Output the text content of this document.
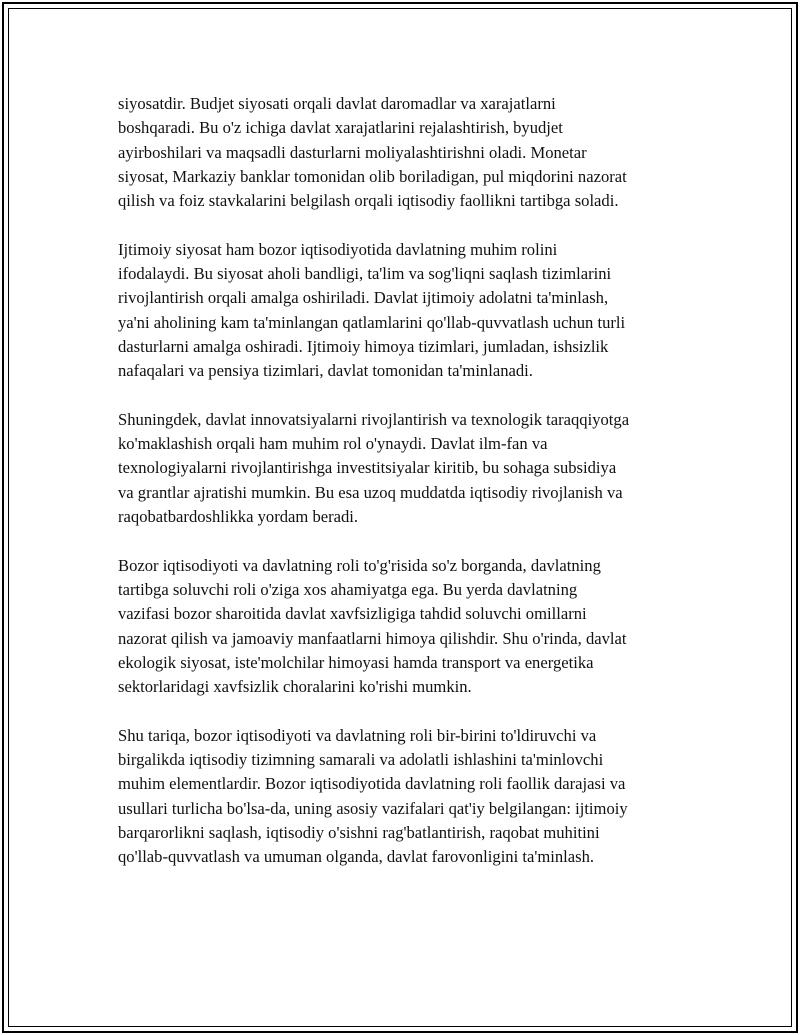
siyosatdir. Budjet siyosati orqali davlat daromadlar va xarajatlarni
boshqaradi. Bu o'z ichiga davlat xarajatlarini rejalashtirish, byudjet
ayirboshilari va maqsadli dasturlarni moliyalashtirishni oladi. Monetar
siyosat, Markaziy banklar tomonidan olib boriladigan, pul miqdorini nazorat
qilish va foiz stavkalarini belgilash orqali iqtisodiy faollikni tartibga soladi.

Ijtimoiy siyosat ham bozor iqtisodiyotida davlatning muhim rolini
ifodalaydi. Bu siyosat aholi bandligi, ta'lim va sog'liqni saqlash tizimlarini
rivojlantirish orqali amalga oshiriladi. Davlat ijtimoiy adolatni ta'minlash,
ya'ni aholining kam ta'minlangan qatlamlarini qo'llab-quvvatlash uchun turli
dasturlarni amalga oshiradi. Ijtimoiy himoya tizimlari, jumladan, ishsizlik
nafaqalari va pensiya tizimlari, davlat tomonidan ta'minlanadi.

Shuningdek, davlat innovatsiyalarni rivojlantirish va texnologik taraqqiyotga
ko'maklashish orqali ham muhim rol o'ynaydi. Davlat ilm-fan va
texnologiyalarni rivojlantirishga investitsiyalar kiritib, bu sohaga subsidiya
va grantlar ajratishi mumkin. Bu esa uzoq muddatda iqtisodiy rivojlanish va
raqobatbardoshlikka yordam beradi.

Bozor iqtisodiyoti va davlatning roli to'g'risida so'z borganda, davlatning
tartibga soluvchi roli o'ziga xos ahamiyatga ega. Bu yerda davlatning
vazifasi bozor sharoitida davlat xavfsizligiga tahdid soluvchi omillarni
nazorat qilish va jamoaviy manfaatlarni himoya qilishdir. Shu o'rinda, davlat
ekologik siyosat, iste'molchilar himoyasi hamda transport va energetika
sektorlaridagi xavfsizlik choralarini ko'rishi mumkin.

Shu tariqa, bozor iqtisodiyoti va davlatning roli bir-birini to'ldiruvchi va
birgalikda iqtisodiy tizimning samarali va adolatli ishlashini ta'minlovchi
muhim elementlardir. Bozor iqtisodiyotida davlatning roli faollik darajasi va
usullari turlicha bo'lsa-da, uning asosiy vazifalari qat'iy belgilangan: ijtimoiy
barqarorlikni saqlash, iqtisodiy o'sishni rag'batlantirish, raqobat muhitini
qo'llab-quvvatlash va umuman olganda, davlat farovonligini ta'minlash.
